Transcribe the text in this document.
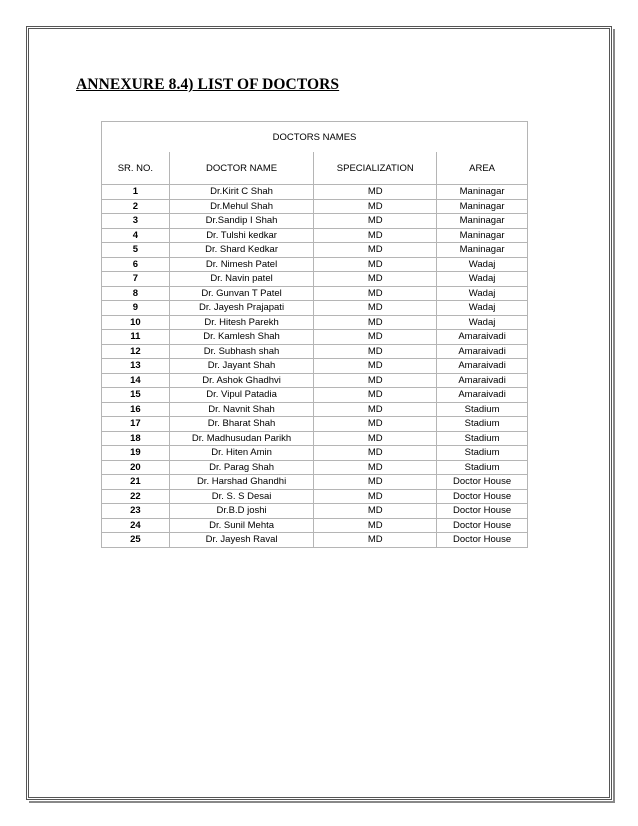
ANNEXURE 8.4) LIST OF DOCTORS
DOCTORS NAMES			
SR. NO.	DOCTOR NAME	SPECIALIZATION	AREA
1	Dr.Kirit C Shah	MD	Maninagar
2	Dr.Mehul Shah	MD	Maninagar
3	Dr.Sandip I Shah	MD	Maninagar
4	Dr. Tulshi kedkar	MD	Maninagar
5	Dr. Shard Kedkar	MD	Maninagar
6	Dr. Nimesh Patel	MD	Wadaj
7	Dr. Navin patel	MD	Wadaj
8	Dr. Gunvan T Patel	MD	Wadaj
9	Dr. Jayesh Prajapati	MD	Wadaj
10	Dr. Hitesh Parekh	MD	Wadaj
11	Dr. Kamlesh Shah	MD	Amaraivadi
12	Dr. Subhash shah	MD	Amaraivadi
13	Dr. Jayant Shah	MD	Amaraivadi
14	Dr. Ashok Ghadhvi	MD	Amaraivadi
15	Dr. Vipul Patadia	MD	Amaraivadi
16	Dr. Navnit Shah	MD	Stadium
17	Dr. Bharat Shah	MD	Stadium
18	Dr. Madhusudan Parikh	MD	Stadium
19	Dr. Hiten Amin	MD	Stadium
20	Dr. Parag Shah	MD	Stadium
21	Dr. Harshad Ghandhi	MD	Doctor House
22	Dr. S. S Desai	MD	Doctor House
23	Dr.B.D joshi	MD	Doctor House
24	Dr. Sunil Mehta	MD	Doctor House
25	Dr. Jayesh Raval	MD	Doctor House
